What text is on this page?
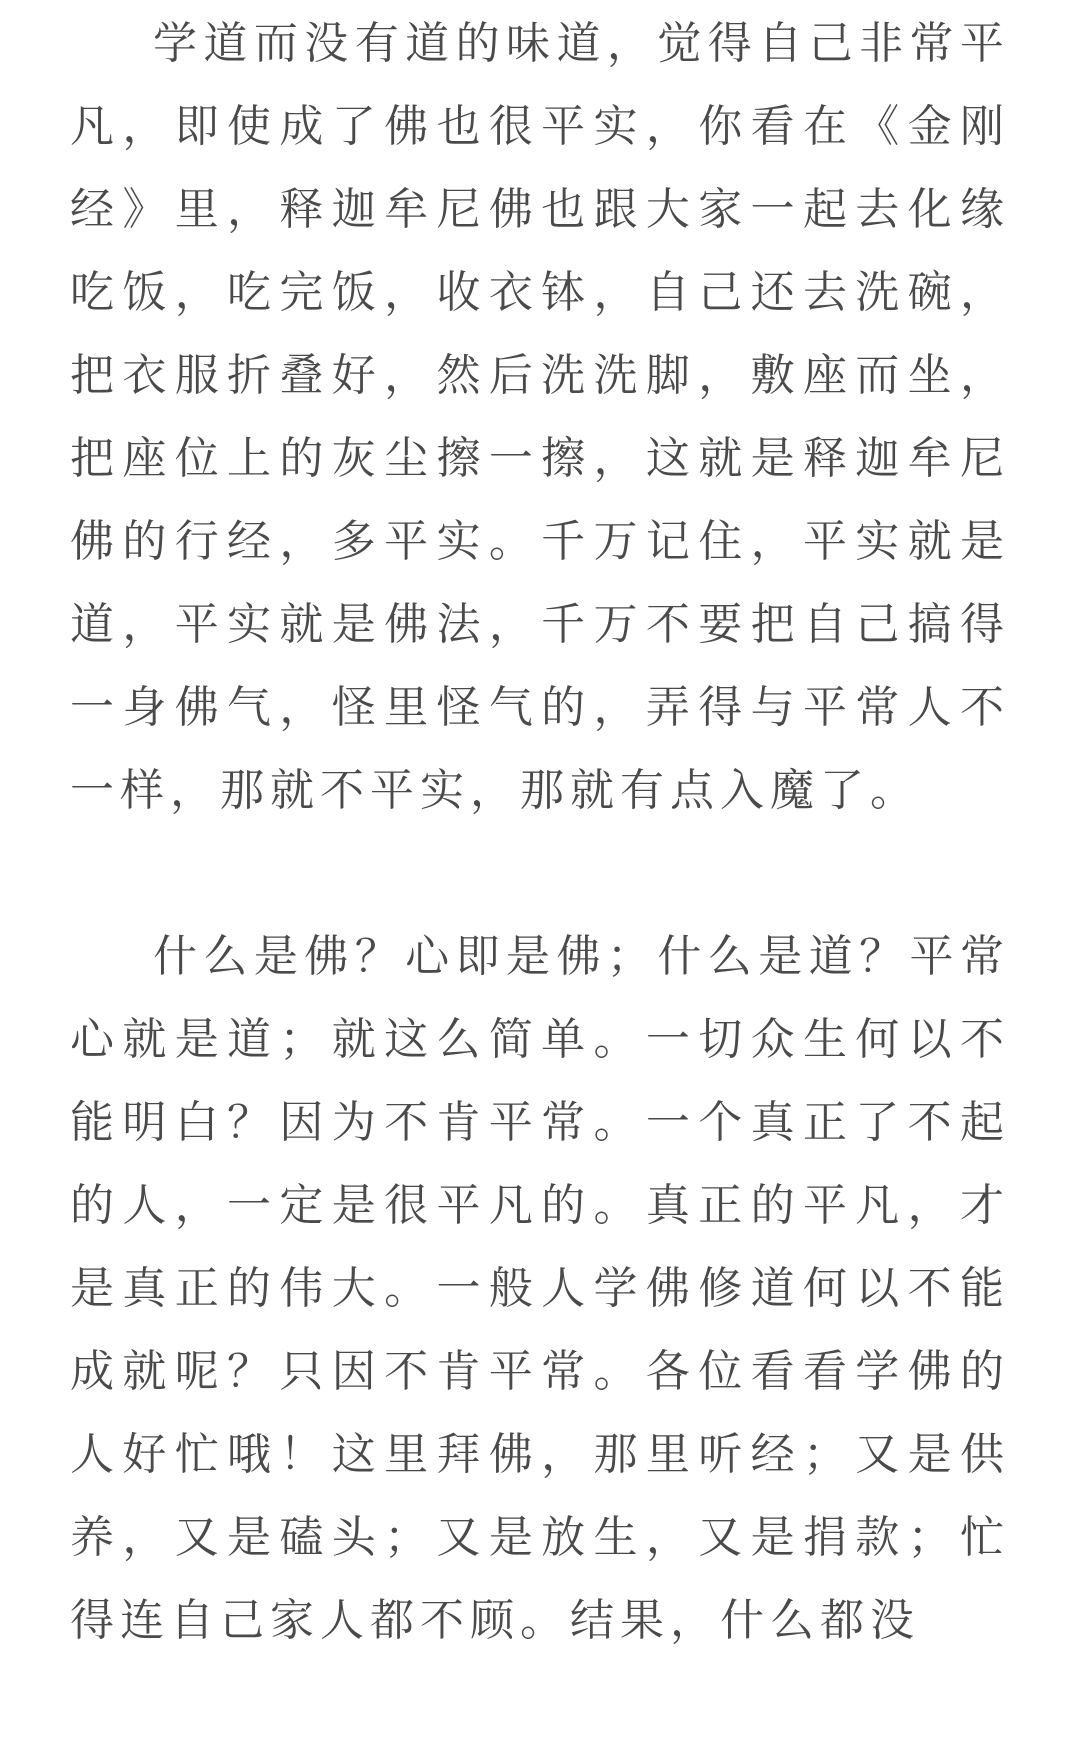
学道而没有道的味道，觉得自己非常平凡，即使成了佛也很平实，你看在《金刚经》里，释迦牟尼佛也跟大家一起去化缘吃饭，吃完饭，收衣钵，自己还去洗碗，把衣服折叠好，然后洗洗脚，敷座而坐，把座位上的灰尘擦一擦，这就是释迦牟尼佛的行经，多平实。千万记住，平实就是道，平实就是佛法，千万不要把自己搞得一身佛气，怪里怪气的，弄得与平常人不一样，那就不平实，那就有点入魔了。

什么是佛？心即是佛；什么是道？平常心就是道；就这么简单。一切众生何以不能明白？因为不肯平常。一个真正了不起的人，一定是很平凡的。真正的平凡，才是真正的伟大。一般人学佛修道何以不能成就呢？只因不肯平常。各位看看学佛的人好忙哦！这里拜佛，那里听经；又是供养，又是磕头；又是放生，又是捐款；忙得连自己家人都不顾。结果，什么都没
